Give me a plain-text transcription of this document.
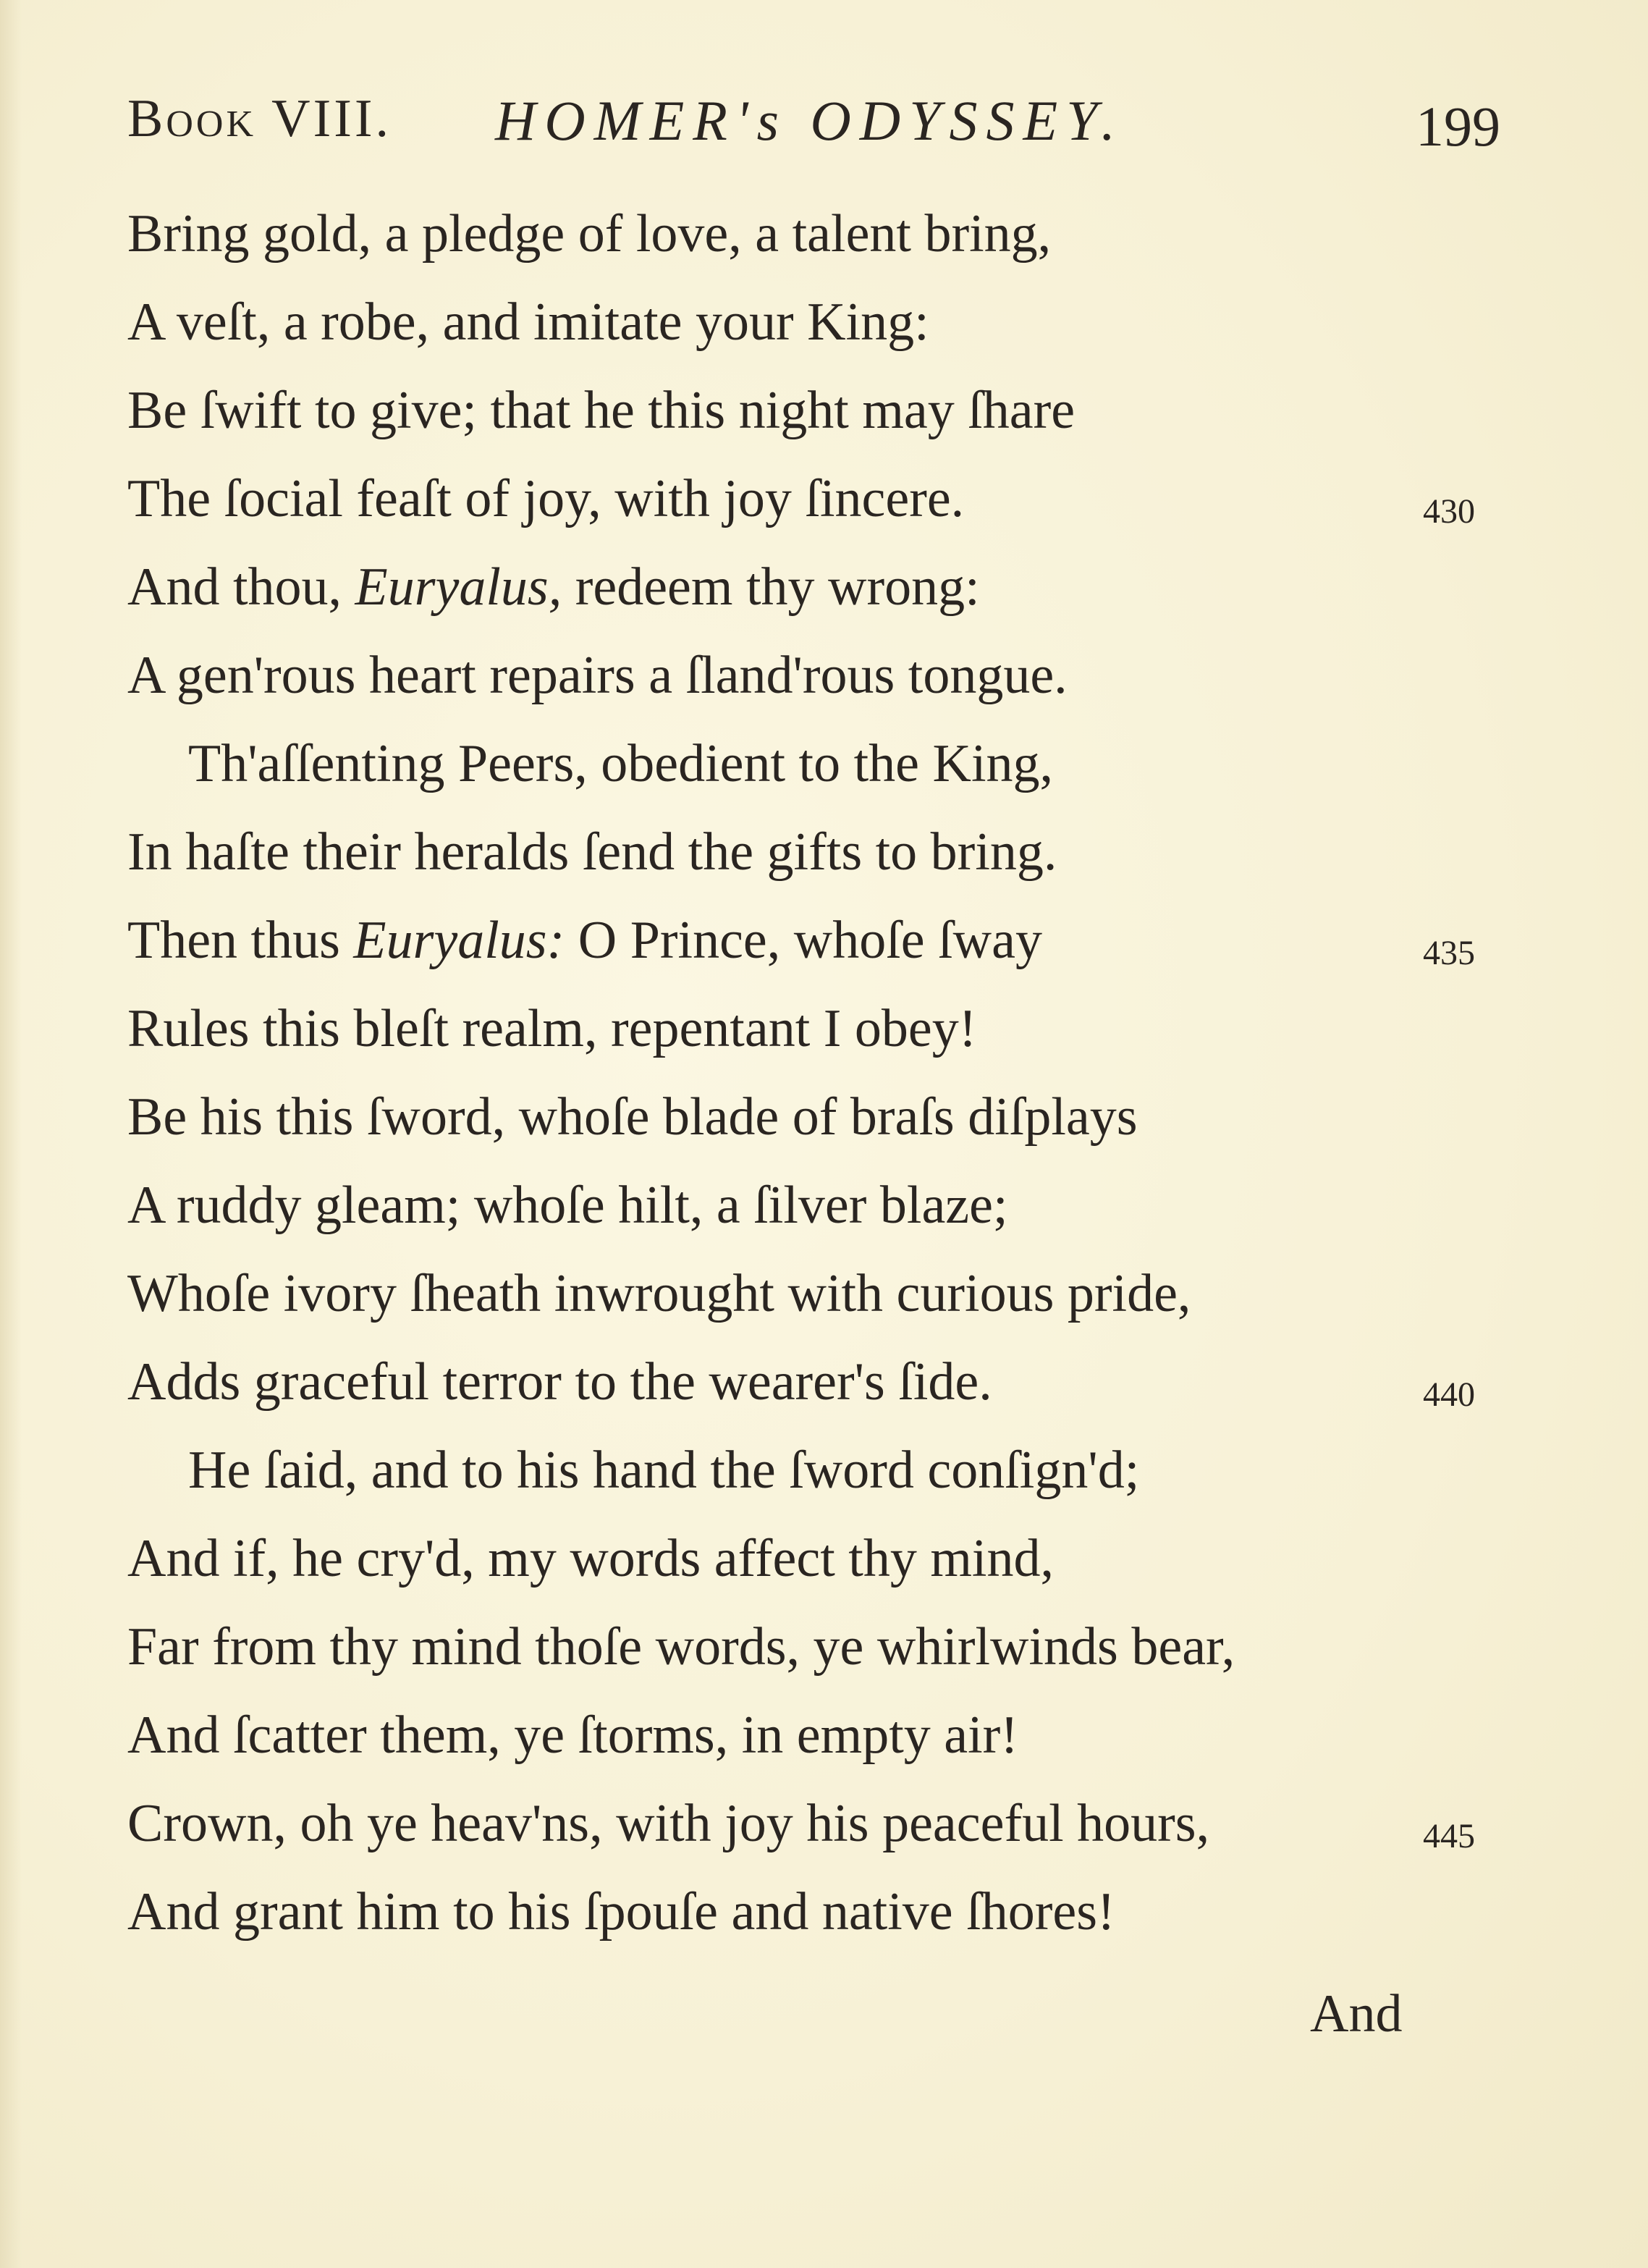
Book VIII. HOMER's ODYSSEY.	199
Bring gold, a pledge of love, a talent bring,
A veſt, a robe, and imitate your King:
Be ſwift to give; that he this night may ſhare
The ſocial feaſt of joy, with joy ſincere.	430
And thou, Euryalus, redeem thy wrong:
A gen'rous heart repairs a ſland'rous tongue.
Th'aſſenting Peers, obedient to the King,
In haſte their heralds ſend the gifts to bring.
Then thus Euryalus: O Prince, whoſe ſway	435
Rules this bleſt realm, repentant I obey!
Be his this ſword, whoſe blade of braſs diſplays
A ruddy gleam; whoſe hilt, a ſilver blaze;
Whoſe ivory ſheath inwrought with curious pride,
Adds graceful terror to the wearer's ſide.	440
He ſaid, and to his hand the ſword conſign'd;
And if, he cry'd, my words affect thy mind,
Far from thy mind thoſe words, ye whirlwinds bear,
And ſcatter them, ye ſtorms, in empty air!
Crown, oh ye heav'ns, with joy his peaceful hours,	445
And grant him to his ſpouſe and native ſhores!
And
